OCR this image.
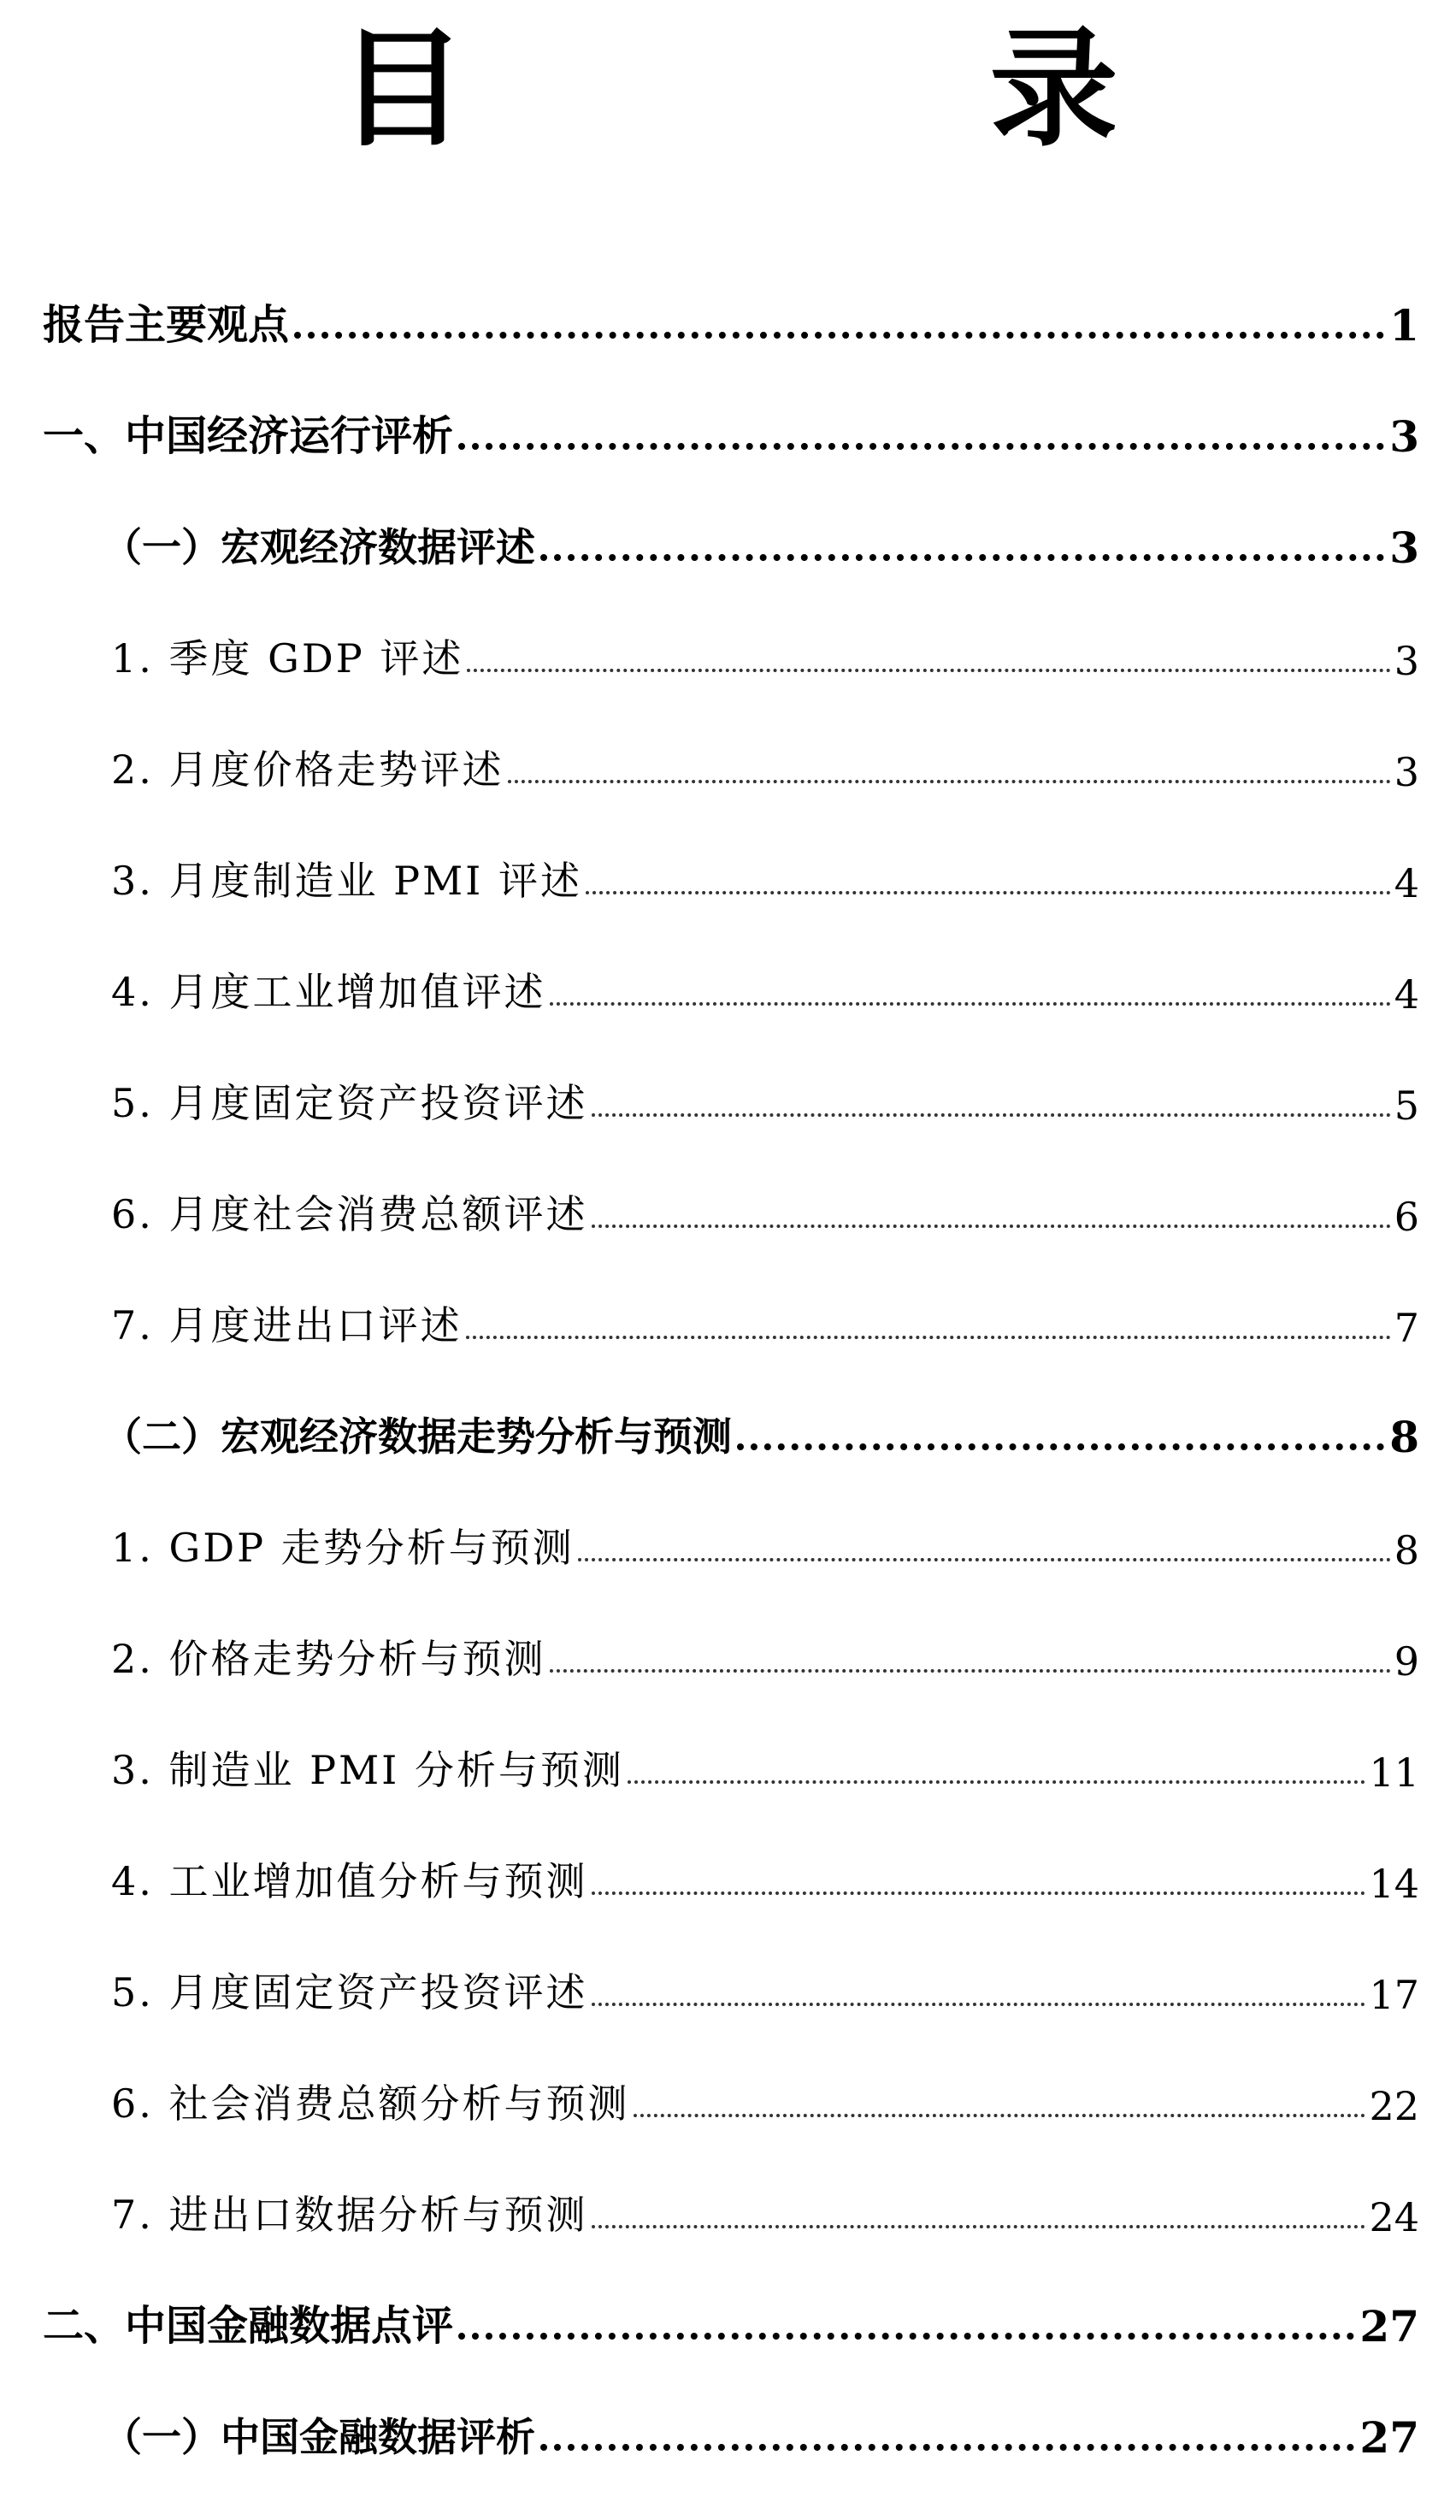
目 录
报告主要观点	1
一、中国经济运行评析	3
（一）宏观经济数据评述	3
1. 季度 GDP 评述	3
2. 月度价格走势评述	3
3. 月度制造业 PMI 评述	4
4. 月度工业增加值评述	4
5. 月度固定资产投资评述	5
6. 月度社会消费总额评述	6
7. 月度进出口评述	7
（二）宏观经济数据走势分析与预测	8
1. GDP 走势分析与预测	8
2. 价格走势分析与预测	9
3. 制造业 PMI 分析与预测	11
4. 工业增加值分析与预测	14
5. 月度固定资产投资评述	17
6. 社会消费总额分析与预测	22
7. 进出口数据分析与预测	24
二、中国金融数据点评	27
（一）中国金融数据评析	27
